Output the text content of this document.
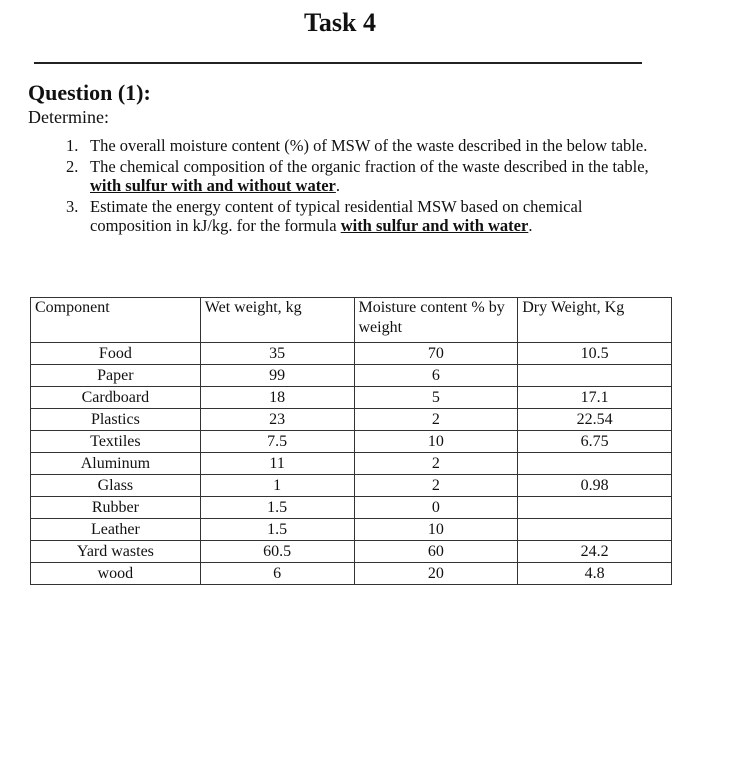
Task 4
Question (1):
Determine:
1. The overall moisture content (%) of MSW of the waste described in the below table.
2. The chemical composition of the organic fraction of the waste described in the table, with sulfur with and without water.
3. Estimate the energy content of typical residential MSW based on chemical composition in kJ/kg. for the formula with sulfur and with water.
Component	Wet weight, kg	Moisture content % by weight	Dry Weight, Kg
Food	35	70	10.5
Paper	99	6	
Cardboard	18	5	17.1
Plastics	23	2	22.54
Textiles	7.5	10	6.75
Aluminum	11	2	
Glass	1	2	0.98
Rubber	1.5	0	
Leather	1.5	10	
Yard wastes	60.5	60	24.2
wood	6	20	4.8
